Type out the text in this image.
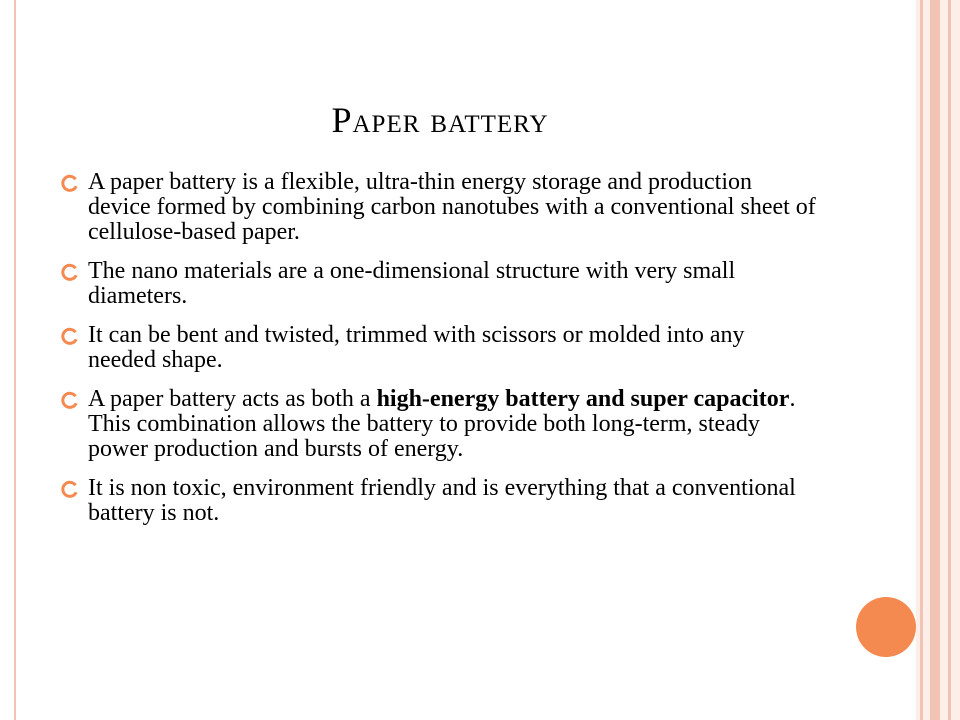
Paper battery
A paper battery is a flexible, ultra-thin energy storage and production device formed by combining carbon nanotubes with a conventional sheet of cellulose-based paper.
The nano materials are a one-dimensional structure with very small diameters.
It can be bent and twisted, trimmed with scissors or molded into any needed shape.
A paper battery acts as both a high-energy battery and super capacitor. This combination allows the battery to provide both long-term, steady power production and bursts of energy.
It is non toxic, environment friendly and is everything that a conventional battery is not.
